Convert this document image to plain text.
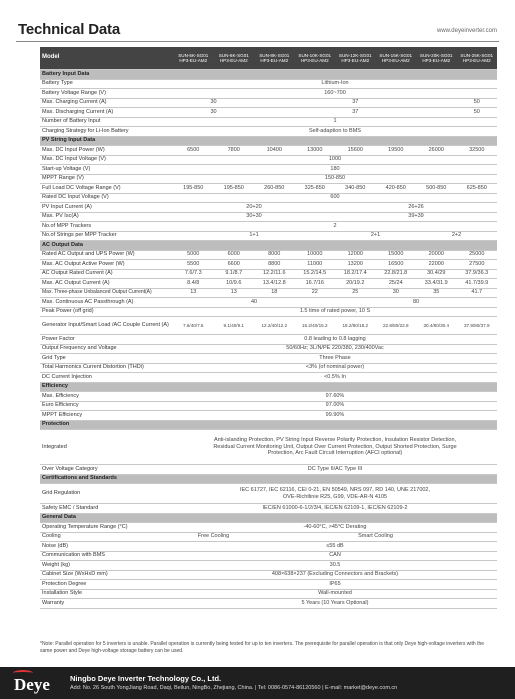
Technical Data	www.deyeinverter.com
Model	SUN-5K-SG01 HP3-EU-AM2	SUN-6K-SG01 HP3-EU-AM2	SUN-8K-SG01 HP3-EU-AM2	SUN-10K-SG01 HP3-EU-AM2	SUN-12K-SG01 HP3-EU-AM2	SUN-15K-SG01 HP3-EU-AM2	SUN-20K-SG01 HP3-EU-AM2	SUN-25K-SG01 HP3-EU-AM2
Battery Input Data								
Battery Type	Lithium-Ion							
Battery Voltage Range (V)	160~700							
Max. Charging Current (A)	30		37					50
Max. Discharging Current (A)	30		37					50
Number of Battery Input	1							
Charging Strategy for Li-Ion Battery	Self-adaption to BMS							
PV String Input Data								
Max. DC Input Power (W)	6500	7800	10400	13000	15600	19500	26000	32500
Max. DC Input Voltage (V)	1000							
Start-up Voltage (V)	180							
MPPT Range (V)	150-850							
Full Load DC Voltage Range (V)	195-850	195-850	260-850	325-850	340-850	420-850	500-850	625-850
Rated DC Input Voltage (V)	600							
PV Input Current (A)	20+20				26+26			
Max. PV Isc(A)	30+30				39+39			
No.of MPP Trackers	2							
No.of Strings per MPP Tracker	1+1				2+1		2+2	
AC Output Data								
Rated AC Output and UPS Power (W)	5000	6000	8000	10000	12000	15000	20000	25000
Max. AC Output Active Power (W)	5500	6600	8800	11000	13200	16500	22000	27500
AC Output Rated Current (A)	7.6/7.3	9.1/8.7	12.2/11.6	15.2/14.5	18.2/17.4	22.8/21.8	30.4/29	37.9/36.3
Max. AC Output Current (A)	8.4/8	10/9.6	13.4/12.8	16.7/16	20/19.2	25/24	33.4/31.9	41.7/39.9
Max. Three-phase Unbalanced Output Current(A)	13	13	18	22	25	30	35	41.7
Max. Continuous AC Passthrough (A)	40				80			
Peak Power (off grid)	1.5 time of rated power, 10 S							
Generator Input/Smart Load /AC Couple Current (A)	7.6/40/7.6	9.1/40/9.1	12.2/40/12.2	15.2/40/15.2	18.2/80/18.2	22.8/80/22.8	30.4/80/30.4	37.9/80/37.9
Power Factor	0.8 leading to 0.8 lagging							
Output Frequency and Voltage	50/60Hz; 3L/N/PE 220/380, 230/400Vac							
Grid Type	Three Phase							
Total Harmonics Current Distortion (THDi)	<3% (of nominal power)							
DC Current Injection	<0.5% In							
Efficiency								
Max. Efficiency	97.60%							
Euro Efficiency	97.00%							
MPPT Efficiency	99.90%							
Protection								
Integrated	Anti-islanding Protection, PV String Input Reverse Polarity Protection, Insulation Resistor Detection, Residual Current Monitoring Unit, Output Over Current Protection, Output Shorted Protection, Surge Protection, Arc Fault Circuit Interruption (AFCI optional)							
Over Voltage Category	DC Type II/AC Type III							
Certifications and Standards								
Grid Regulation	IEC 61727, IEC 62116, CEI 0-21, EN 50549, NRS 097, RD 140, UNE 217002, OVE-Richtlinie R25, G99, VDE-AR-N 4105							
Safety EMC / Standard	IEC/EN 61000-6-1/2/3/4, IEC/EN 62109-1, IEC/EN 62109-2							
General Data								
Operating Temperature Range (°C)	-40-60°C, >45°C Derating							
Cooling	Free Cooling		Smart Cooling					
Noise (dB)	≤55 dB							
Communication with BMS	CAN							
Weight (kg)	30.5							
Cabinet Size (WxHxD mm)	408×638×237 (Excluding Connectors and Brackets)							
Protection Degree	IP65							
Installation Style	Wall-mounted							
Warranty	5 Years (10 Years Optional)							
*Note: Parallel operation for 5 inverters is unable. Parallel operation is currently being tested for up to ten inverters. The prerequisite for parallel operation is that only Deye high-voltage inverters with the same power and Deye high-voltage storage battery can be used.
Deye	Ningbo Deye Inverter Technology Co., Ltd.
Add: No. 26 South YongJiang Road, Daqi, Beilun, NingBo, Zhejiang, China. | Tel: 0086-0574-86120560 | E-mail: market@deye.com.cn
